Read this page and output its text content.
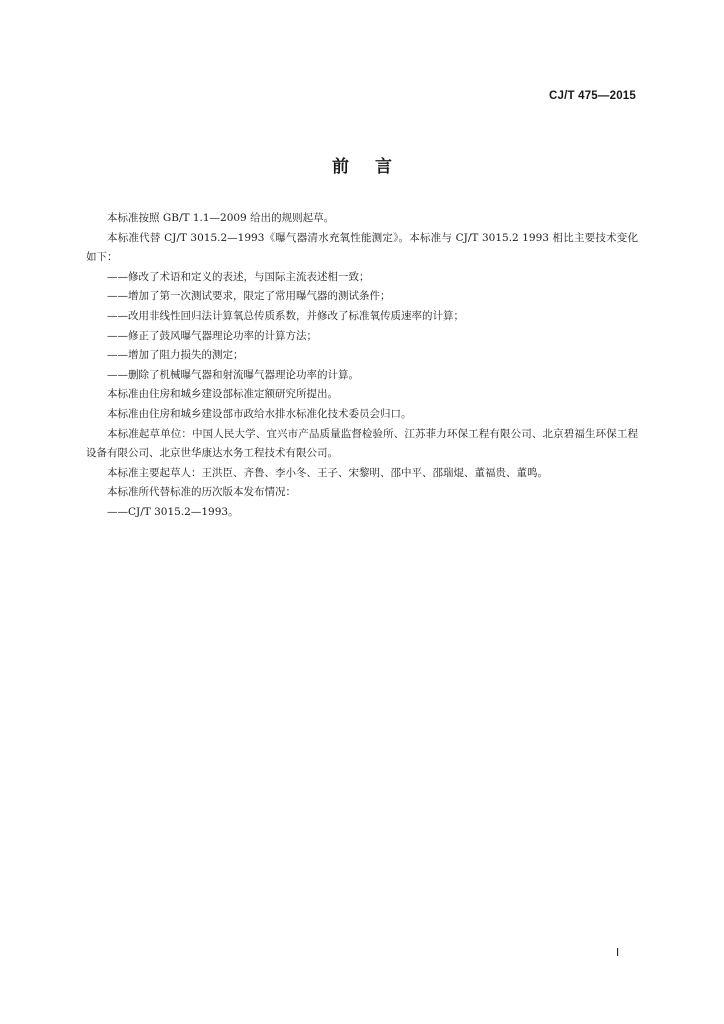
CJ/T 475—2015
前言

本标准按照 GB/T 1.1—2009 给出的规则起草。

本标准代替 CJ/T 3015.2—1993《曝气器清水充氧性能测定》。本标准与 CJ/T 3015.2 1993 相比主要技术变化如下：

——修改了术语和定义的表述，与国际主流表述相一致；

——增加了第一次测试要求，限定了常用曝气器的测试条件；

——改用非线性回归法计算氧总传质系数，并修改了标准氧传质速率的计算；

——修正了鼓风曝气器理论功率的计算方法；

——增加了阻力损失的测定；

——删除了机械曝气器和射流曝气器理论功率的计算。

本标准由住房和城乡建设部标准定额研究所提出。

本标准由住房和城乡建设部市政给水排水标准化技术委员会归口。

本标准起草单位：中国人民大学、宜兴市产品质量监督检验所、江苏菲力环保工程有限公司、北京碧福生环保工程设备有限公司、北京世华康达水务工程技术有限公司。

本标准主要起草人：王洪臣、齐鲁、李小冬、王子、宋黎明、邵中平、邵瑞焜、董福贵、董鸣。

本标准所代替标准的历次版本发布情况：

——CJ/T 3015.2—1993。

Ⅰ
